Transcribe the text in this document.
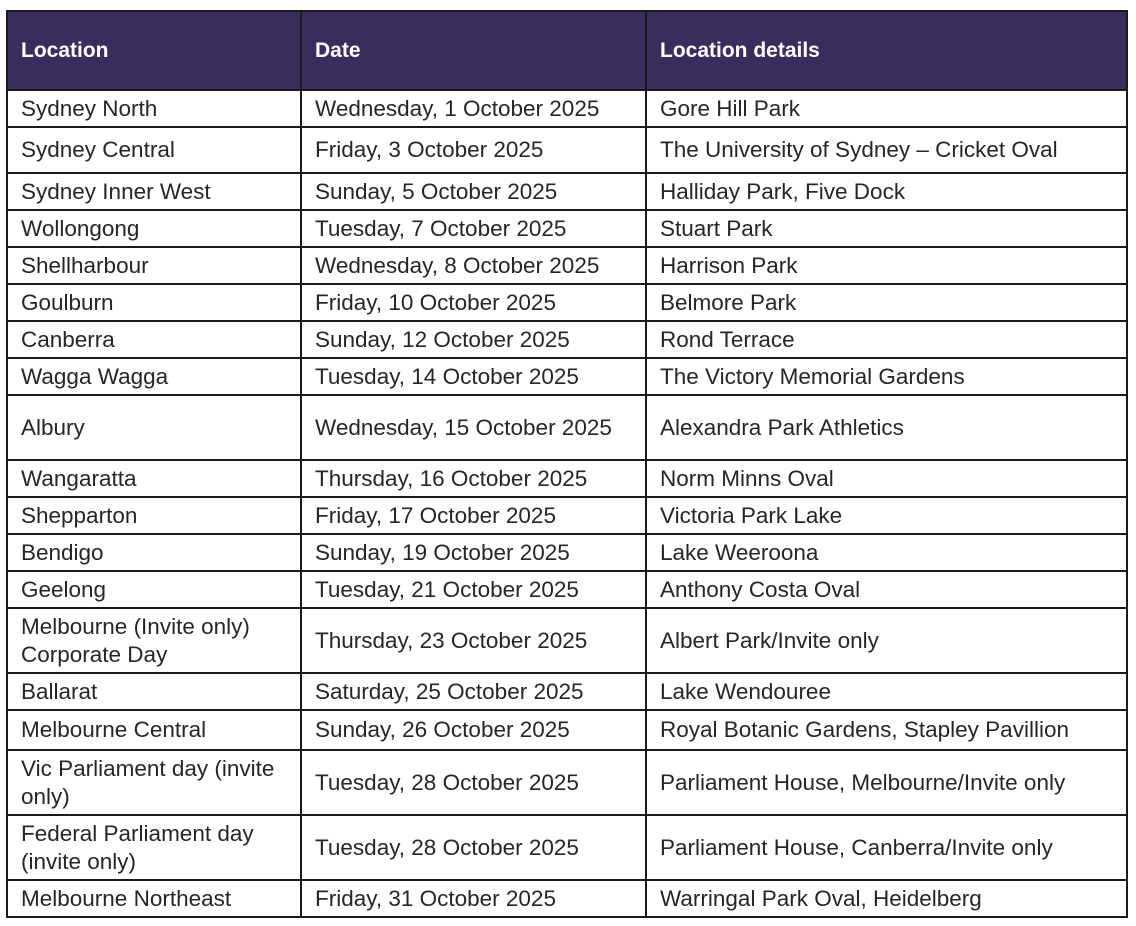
Location	Date	Location details
Sydney North	Wednesday, 1 October 2025	Gore Hill Park
Sydney Central	Friday, 3 October 2025	The University of Sydney – Cricket Oval
Sydney Inner West	Sunday, 5 October 2025	Halliday Park, Five Dock
Wollongong	Tuesday, 7 October 2025	Stuart Park
Shellharbour	Wednesday, 8 October 2025	Harrison Park
Goulburn	Friday, 10 October 2025	Belmore Park
Canberra	Sunday, 12 October 2025	Rond Terrace
Wagga Wagga	Tuesday, 14 October 2025	The Victory Memorial Gardens
Albury	Wednesday, 15 October 2025	Alexandra Park Athletics
Wangaratta	Thursday, 16 October 2025	Norm Minns Oval
Shepparton	Friday, 17 October 2025	Victoria Park Lake
Bendigo	Sunday, 19 October 2025	Lake Weeroona
Geelong	Tuesday, 21 October 2025	Anthony Costa Oval
Melbourne (Invite only) Corporate Day	Thursday, 23 October 2025	Albert Park/Invite only
Ballarat	Saturday, 25 October 2025	Lake Wendouree
Melbourne Central	Sunday, 26 October 2025	Royal Botanic Gardens, Stapley Pavillion
Vic Parliament day (invite only)	Tuesday, 28 October 2025	Parliament House, Melbourne/Invite only
Federal Parliament day (invite only)	Tuesday, 28 October 2025	Parliament House, Canberra/Invite only
Melbourne Northeast	Friday, 31 October 2025	Warringal Park Oval, Heidelberg
